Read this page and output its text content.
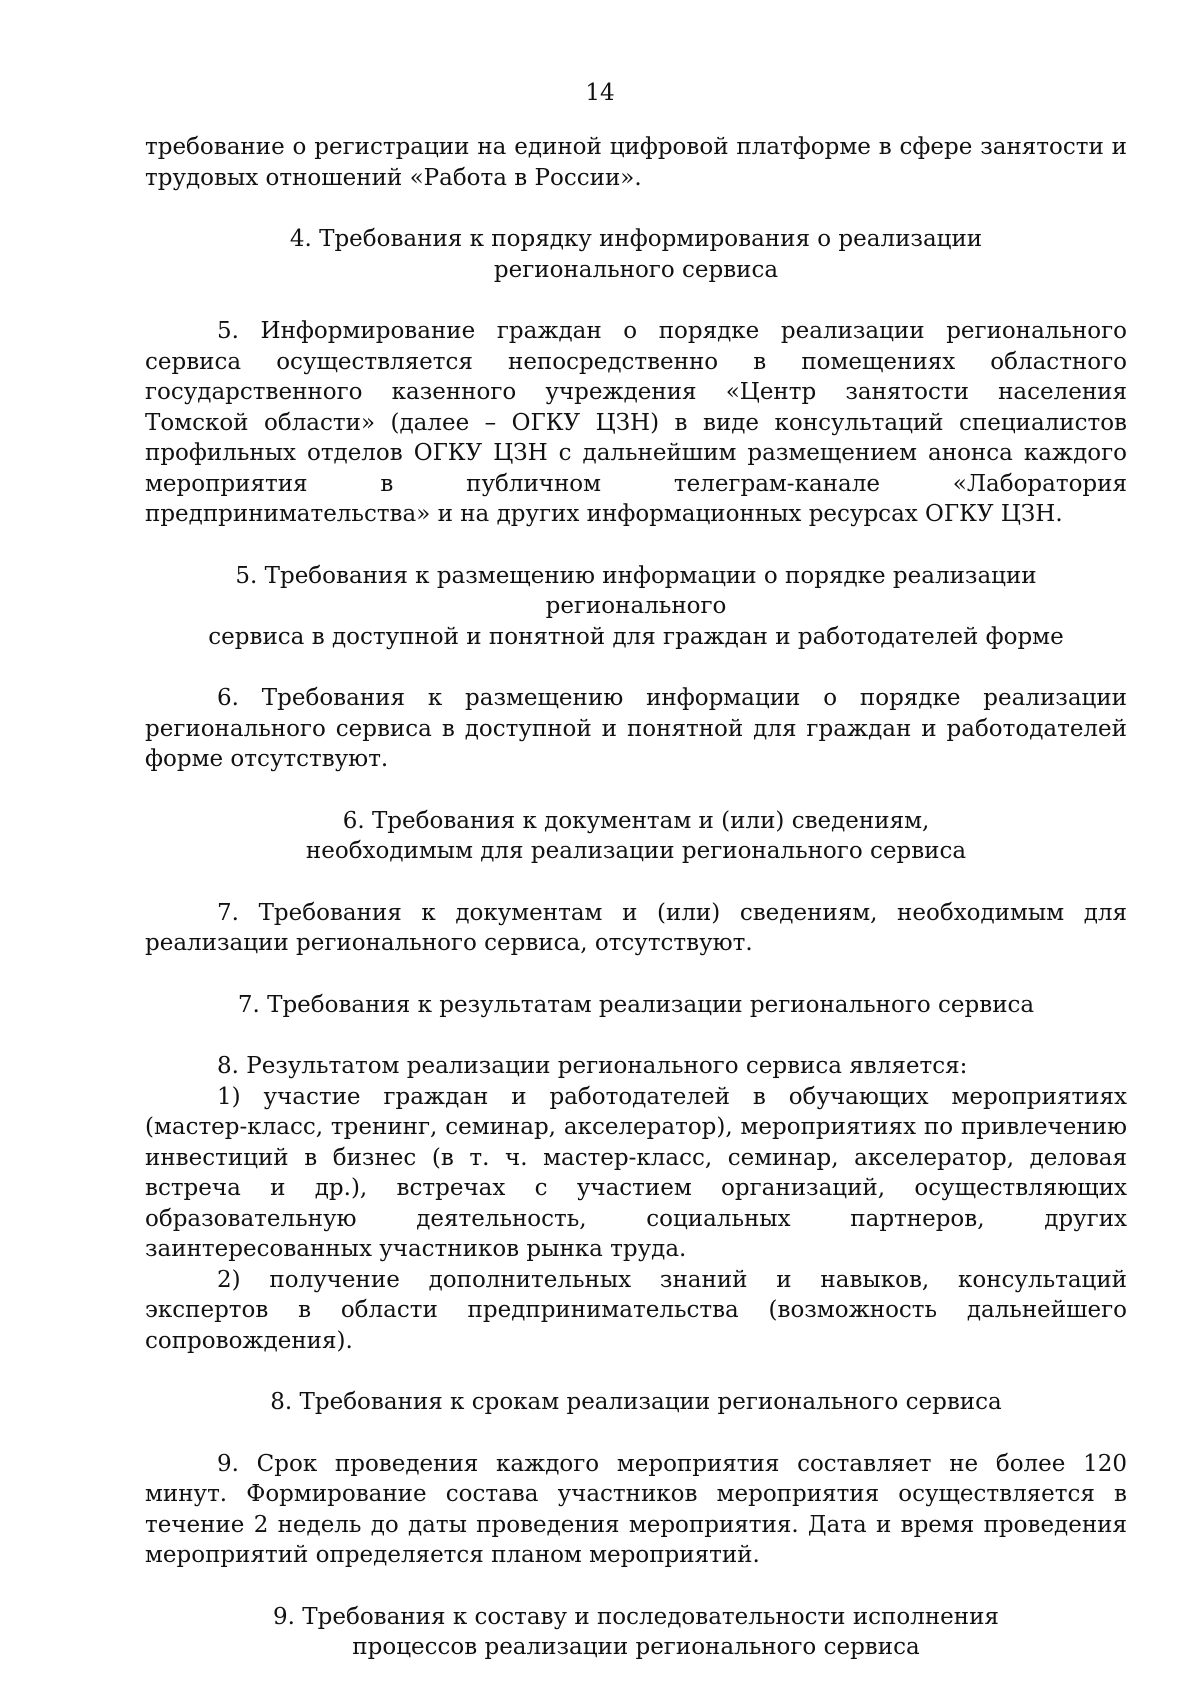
14

требование о регистрации на единой цифровой платформе в сфере занятости и трудовых отношений «Работа в России».

4. Требования к порядку информирования о реализации
регионального сервиса

5. Информирование граждан о порядке реализации регионального сервиса осуществляется непосредственно в помещениях областного государственного казенного учреждения «Центр занятости населения Томской области» (далее – ОГКУ ЦЗН) в виде консультаций специалистов профильных отделов ОГКУ ЦЗН с дальнейшим размещением анонса каждого мероприятия в публичном телеграм-канале «Лаборатория предпринимательства» и на других информационных ресурсах ОГКУ ЦЗН.

5. Требования к размещению информации о порядке реализации регионального
сервиса в доступной и понятной для граждан и работодателей форме

6. Требования к размещению информации о порядке реализации регионального сервиса в доступной и понятной для граждан и работодателей форме отсутствуют.

6. Требования к документам и (или) сведениям,
необходимым для реализации регионального сервиса

7. Требования к документам и (или) сведениям, необходимым для реализации регионального сервиса, отсутствуют.

7. Требования к результатам реализации регионального сервиса

8. Результатом реализации регионального сервиса является:

1) участие граждан и работодателей в обучающих мероприятиях (мастер-класс, тренинг, семинар, акселератор), мероприятиях по привлечению инвестиций в бизнес (в т. ч. мастер-класс, семинар, акселератор, деловая встреча и др.), встречах с участием организаций, осуществляющих образовательную деятельность, социальных партнеров, других заинтересованных участников рынка труда.

2) получение дополнительных знаний и навыков, консультаций экспертов в области предпринимательства (возможность дальнейшего сопровождения).

8. Требования к срокам реализации регионального сервиса

9. Срок проведения каждого мероприятия составляет не более 120 минут. Формирование состава участников мероприятия осуществляется в течение 2 недель до даты проведения мероприятия. Дата и время проведения мероприятий определяется планом мероприятий.

9. Требования к составу и последовательности исполнения
процессов реализации регионального сервиса
